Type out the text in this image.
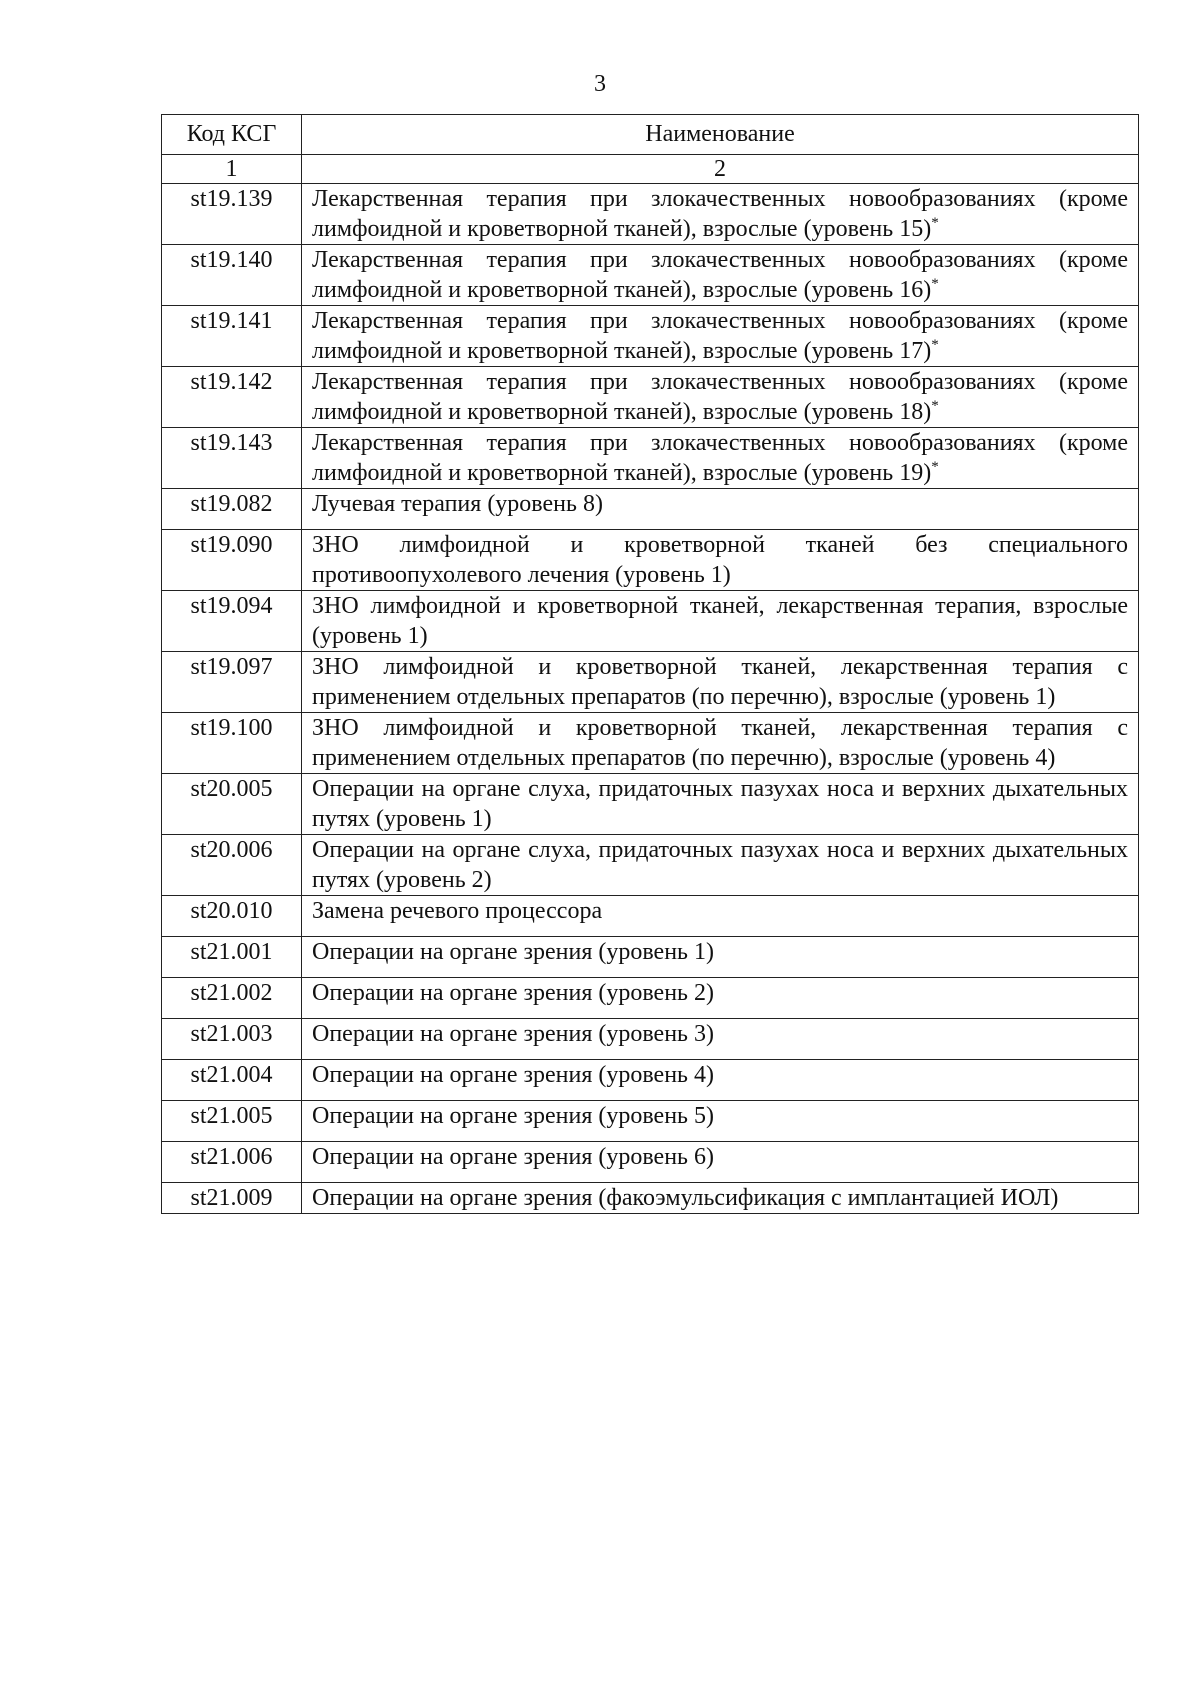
3
Код КСГ	Наименование
1	2
st19.139	Лекарственная терапия при злокачественных новообразованиях (кроме лимфоидной и кроветворной тканей), взрослые (уровень 15)*
st19.140	Лекарственная терапия при злокачественных новообразованиях (кроме лимфоидной и кроветворной тканей), взрослые (уровень 16)*
st19.141	Лекарственная терапия при злокачественных новообразованиях (кроме лимфоидной и кроветворной тканей), взрослые (уровень 17)*
st19.142	Лекарственная терапия при злокачественных новообразованиях (кроме лимфоидной и кроветворной тканей), взрослые (уровень 18)*
st19.143	Лекарственная терапия при злокачественных новообразованиях (кроме лимфоидной и кроветворной тканей), взрослые (уровень 19)*
st19.082	Лучевая терапия (уровень 8)
st19.090	ЗНО лимфоидной и кроветворной тканей без специального противоопухолевого лечения (уровень 1)
st19.094	ЗНО лимфоидной и кроветворной тканей, лекарственная терапия, взрослые (уровень 1)
st19.097	ЗНО лимфоидной и кроветворной тканей, лекарственная терапия с применением отдельных препаратов (по перечню), взрослые (уровень 1)
st19.100	ЗНО лимфоидной и кроветворной тканей, лекарственная терапия с применением отдельных препаратов (по перечню), взрослые (уровень 4)
st20.005	Операции на органе слуха, придаточных пазухах носа и верхних дыхательных путях (уровень 1)
st20.006	Операции на органе слуха, придаточных пазухах носа и верхних дыхательных путях (уровень 2)
st20.010	Замена речевого процессора
st21.001	Операции на органе зрения (уровень 1)
st21.002	Операции на органе зрения (уровень 2)
st21.003	Операции на органе зрения (уровень 3)
st21.004	Операции на органе зрения (уровень 4)
st21.005	Операции на органе зрения (уровень 5)
st21.006	Операции на органе зрения (уровень 6)
st21.009	Операции на органе зрения (факоэмульсификация с имплантацией ИОЛ)
